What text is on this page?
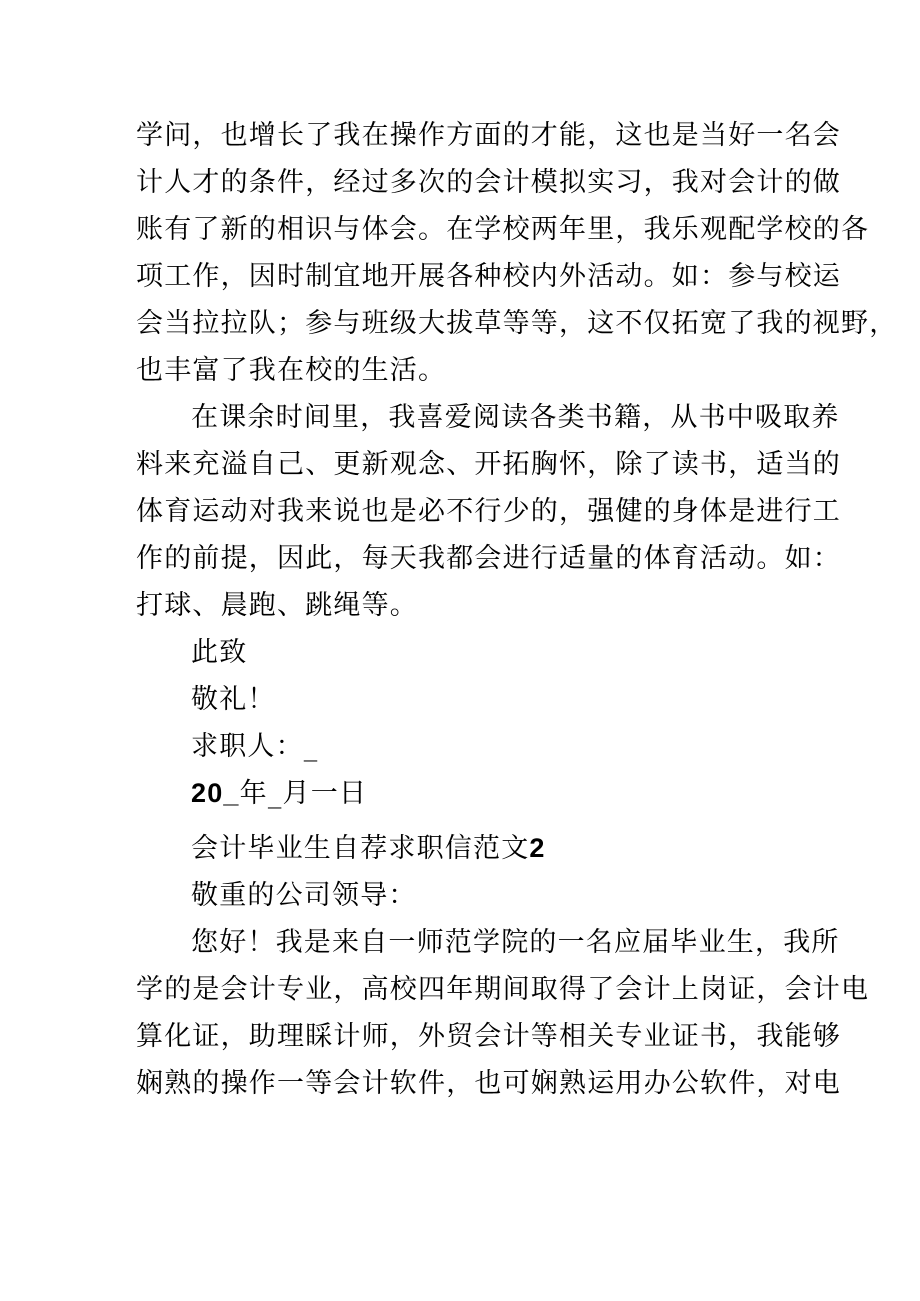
学问，也增长了我在操作方面的才能，这也是当好一名会
计人才的条件，经过多次的会计模拟实习，我对会计的做
账有了新的相识与体会。在学校两年里，我乐观配学校的各
项工作，因时制宜地开展各种校内外活动。如：参与校运
会当拉拉队；参与班级大拔草等等，这不仅拓宽了我的视野，
也丰富了我在校的生活。
在课余时间里，我喜爱阅读各类书籍，从书中吸取养
料来充溢自己、更新观念、开拓胸怀，除了读书，适当的
体育运动对我来说也是必不行少的，强健的身体是进行工
作的前提，因此，每天我都会进行适量的体育活动。如：
打球、晨跑、跳绳等。
此致
敬礼！
求职人：_
20_年_月一日
会计毕业生自荐求职信范文2
敬重的公司领导：
您好！我是来自一师范学院的一名应届毕业生，我所
学的是会计专业，高校四年期间取得了会计上岗证，会计电
算化证，助理睬计师，外贸会计等相关专业证书，我能够
娴熟的操作一等会计软件，也可娴熟运用办公软件，对电
